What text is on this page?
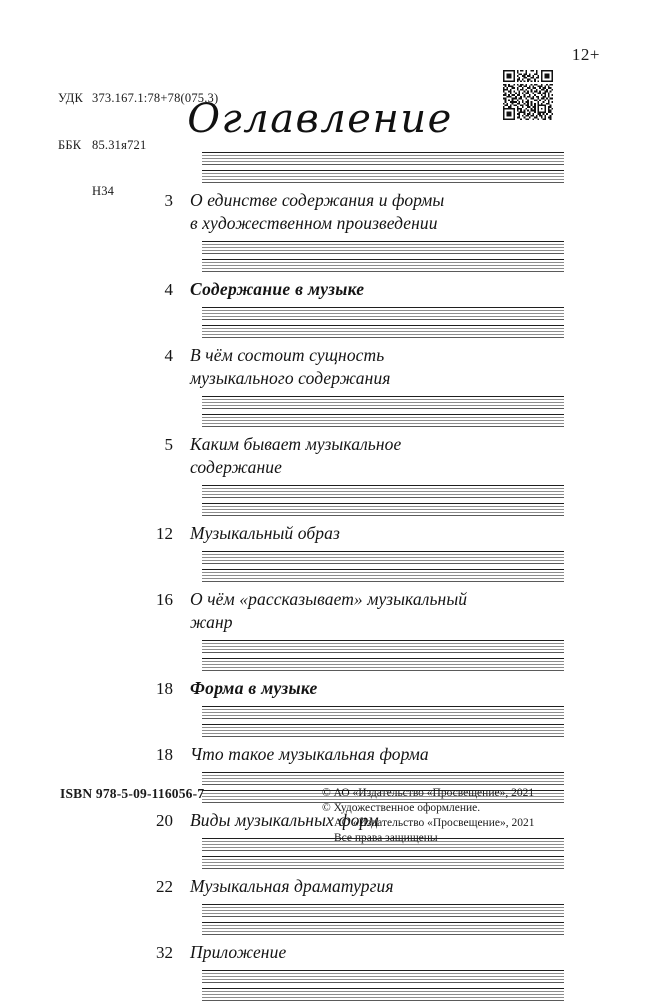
УДК 373.167.1:78+78(075.3)

ББК 85.31я721

Н34

12+
Оглавление
3 О единстве содержания и формы
в художественном произведении
4 Содержание в музыке
4 В чём состоит сущность
музыкального содержания
5 Каким бывает музыкальное
содержание
12 Музыкальный образ
16 О чём «рассказывает» музыкальный
жанр
18 Форма в музыке
18 Что такое музыкальная форма
20 Виды музыкальных форм
22 Музыкальная драматургия
32 Приложение
ISBN 978-5-09-116056-7	© АО «Издательство «Просвещение», 2021
© Художественное оформление.
АО «Издательство «Просвещение», 2021
Все права защищены
